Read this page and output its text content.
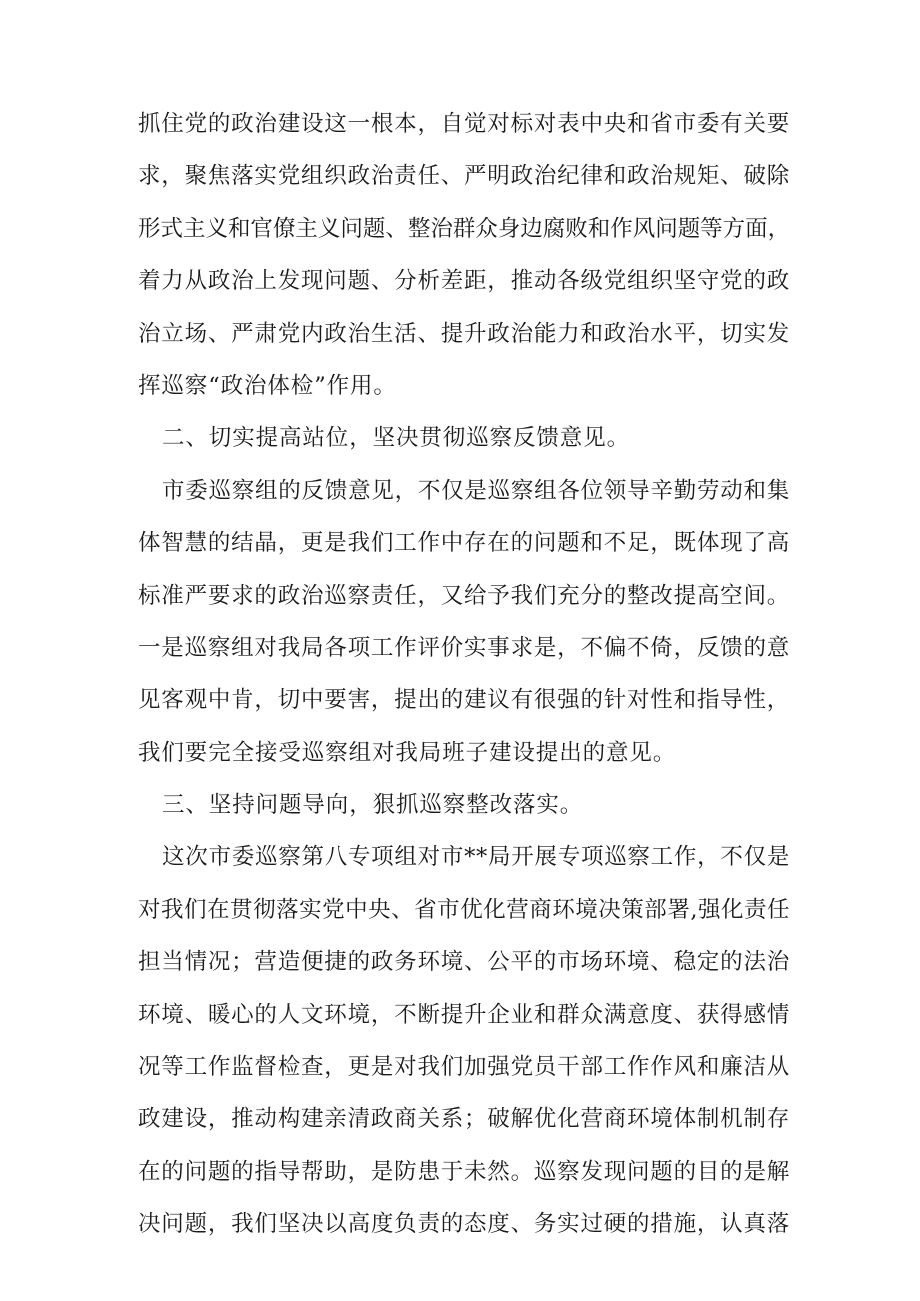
抓住党的政治建设这一根本，自觉对标对表中央和省市委有关要
求，聚焦落实党组织政治责任、严明政治纪律和政治规矩、破除
形式主义和官僚主义问题、整治群众身边腐败和作风问题等方面，
着力从政治上发现问题、分析差距，推动各级党组织坚守党的政
治立场、严肃党内政治生活、提升政治能力和政治水平，切实发
挥巡察“政治体检”作用。
二、切实提高站位，坚决贯彻巡察反馈意见。
市委巡察组的反馈意见，不仅是巡察组各位领导辛勤劳动和集
体智慧的结晶，更是我们工作中存在的问题和不足，既体现了高
标准严要求的政治巡察责任，又给予我们充分的整改提高空间。
一是巡察组对我局各项工作评价实事求是，不偏不倚，反馈的意
见客观中肯，切中要害，提出的建议有很强的针对性和指导性，
我们要完全接受巡察组对我局班子建设提出的意见。
三、坚持问题导向，狠抓巡察整改落实。
这次市委巡察第八专项组对市**局开展专项巡察工作，不仅是
对我们在贯彻落实党中央、省市优化营商环境决策部署,强化责任
担当情况；营造便捷的政务环境、公平的市场环境、稳定的法治
环境、暖心的人文环境，不断提升企业和群众满意度、获得感情
况等工作监督检查，更是对我们加强党员干部工作作风和廉洁从
政建设，推动构建亲清政商关系；破解优化营商环境体制机制存
在的问题的指导帮助，是防患于未然。巡察发现问题的目的是解
决问题，我们坚决以高度负责的态度、务实过硬的措施，认真落
